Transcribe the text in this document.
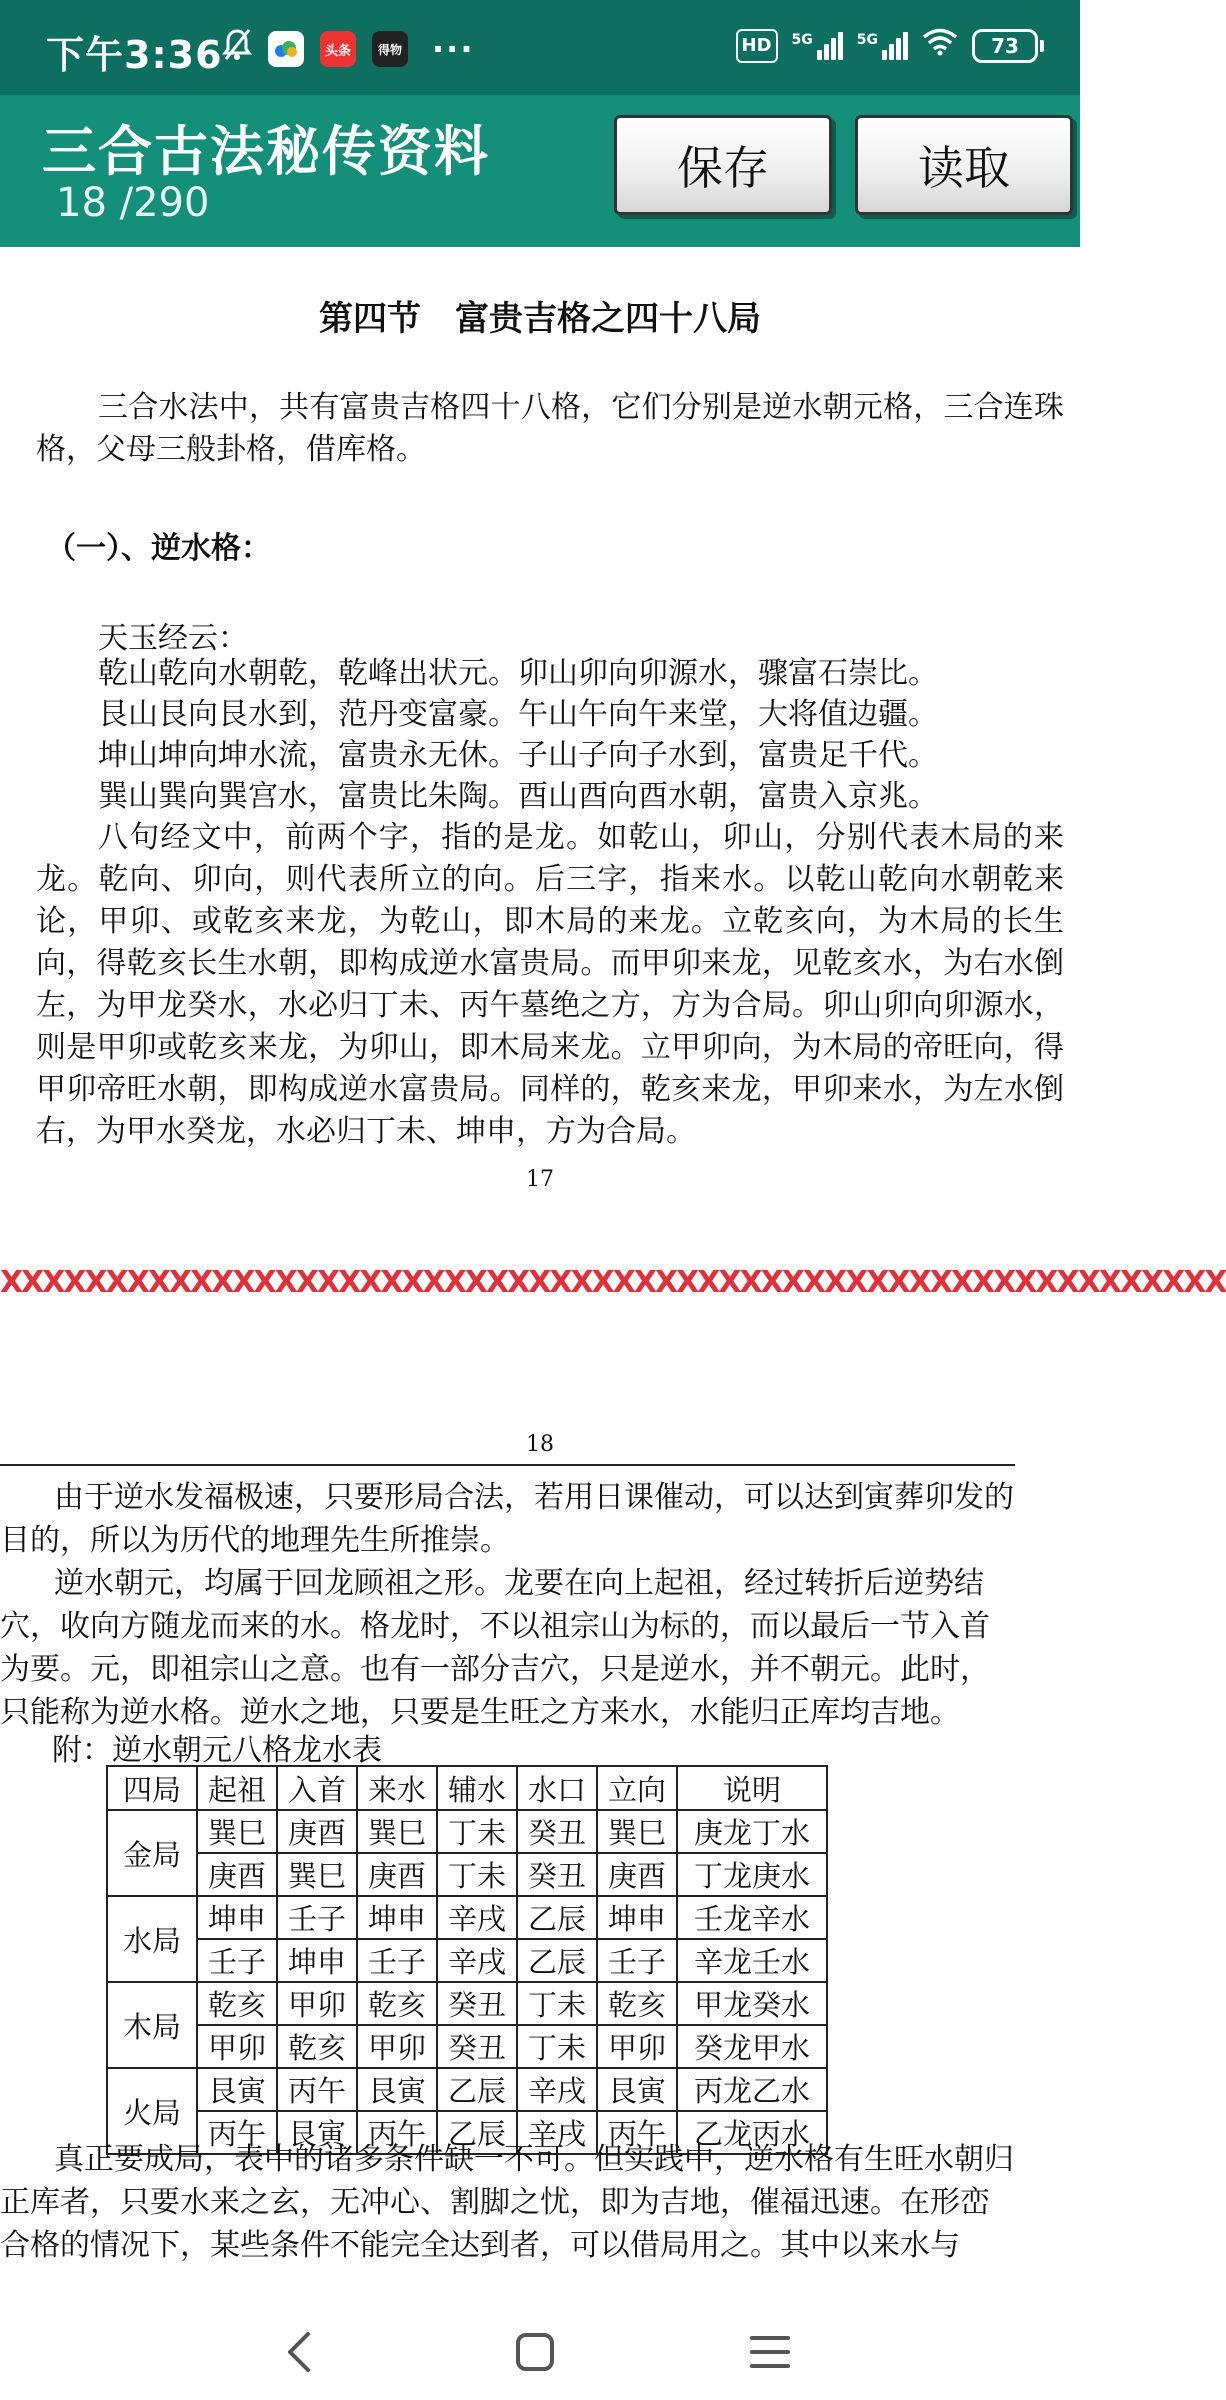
下午3:36	头条	得物 ···	HD	5G	5G	73
三合古法秘传资料
18 /290
保存	读取
第四节　富贵吉格之四十八局
三合水法中，共有富贵吉格四十八格，它们分别是逆水朝元格，三合连珠格，父母三般卦格，借库格。
（一）、逆水格：
天玉经云：
乾山乾向水朝乾，乾峰出状元。卯山卯向卯源水，骤富石崇比。
艮山艮向艮水到，范丹变富豪。午山午向午来堂，大将值边疆。
坤山坤向坤水流，富贵永无休。子山子向子水到，富贵足千代。
巽山巽向巽宫水，富贵比朱陶。酉山酉向酉水朝，富贵入京兆。
八句经文中，前两个字，指的是龙。如乾山，卯山，分别代表木局的来龙。乾向、卯向，则代表所立的向。后三字，指来水。以乾山乾向水朝乾来论，甲卯、或乾亥来龙，为乾山，即木局的来龙。立乾亥向，为木局的长生向，得乾亥长生水朝，即构成逆水富贵局。而甲卯来龙，见乾亥水，为右水倒左，为甲龙癸水，水必归丁未、丙午墓绝之方，方为合局。卯山卯向卯源水，则是甲卯或乾亥来龙，为卯山，即木局来龙。立甲卯向，为木局的帝旺向，得甲卯帝旺水朝，即构成逆水富贵局。同样的，乾亥来龙，甲卯来水，为左水倒右，为甲水癸龙，水必归丁未、坤申，方为合局。
17
XXXXXXXXXXXXXXXXXXXXXXXXXXXXXXXXXXXXXXXXXXXXXXXXXXXXXXXXXX
18
由于逆水发福极速，只要形局合法，若用日课催动，可以达到寅葬卯发的目的，所以为历代的地理先生所推崇。
逆水朝元，均属于回龙顾祖之形。龙要在向上起祖，经过转折后逆势结穴，收向方随龙而来的水。格龙时，不以祖宗山为标的，而以最后一节入首为要。元，即祖宗山之意。也有一部分吉穴，只是逆水，并不朝元。此时，只能称为逆水格。逆水之地，只要是生旺之方来水，水能归正库均吉地。
附：逆水朝元八格龙水表
四局	起祖	入首	来水	辅水	水口	立向	说明
金局	巽巳	庚酉	巽巳	丁未	癸丑	巽巳	庚龙丁水
	庚酉	巽巳	庚酉	丁未	癸丑	庚酉	丁龙庚水
水局	坤申	壬子	坤申	辛戌	乙辰	坤申	壬龙辛水
	壬子	坤申	壬子	辛戌	乙辰	壬子	辛龙壬水
木局	乾亥	甲卯	乾亥	癸丑	丁未	乾亥	甲龙癸水
	甲卯	乾亥	甲卯	癸丑	丁未	甲卯	癸龙甲水
火局	艮寅	丙午	艮寅	乙辰	辛戌	艮寅	丙龙乙水
	丙午	艮寅	丙午	乙辰	辛戌	丙午	乙龙丙水
真正要成局，表中的诸多条件缺一不可。但实践中，逆水格有生旺水朝归正库者，只要水来之玄，无冲心、割脚之忧，即为吉地，催福迅速。在形峦合格的情况下，某些条件不能完全达到者，可以借局用之。其中以来水与
